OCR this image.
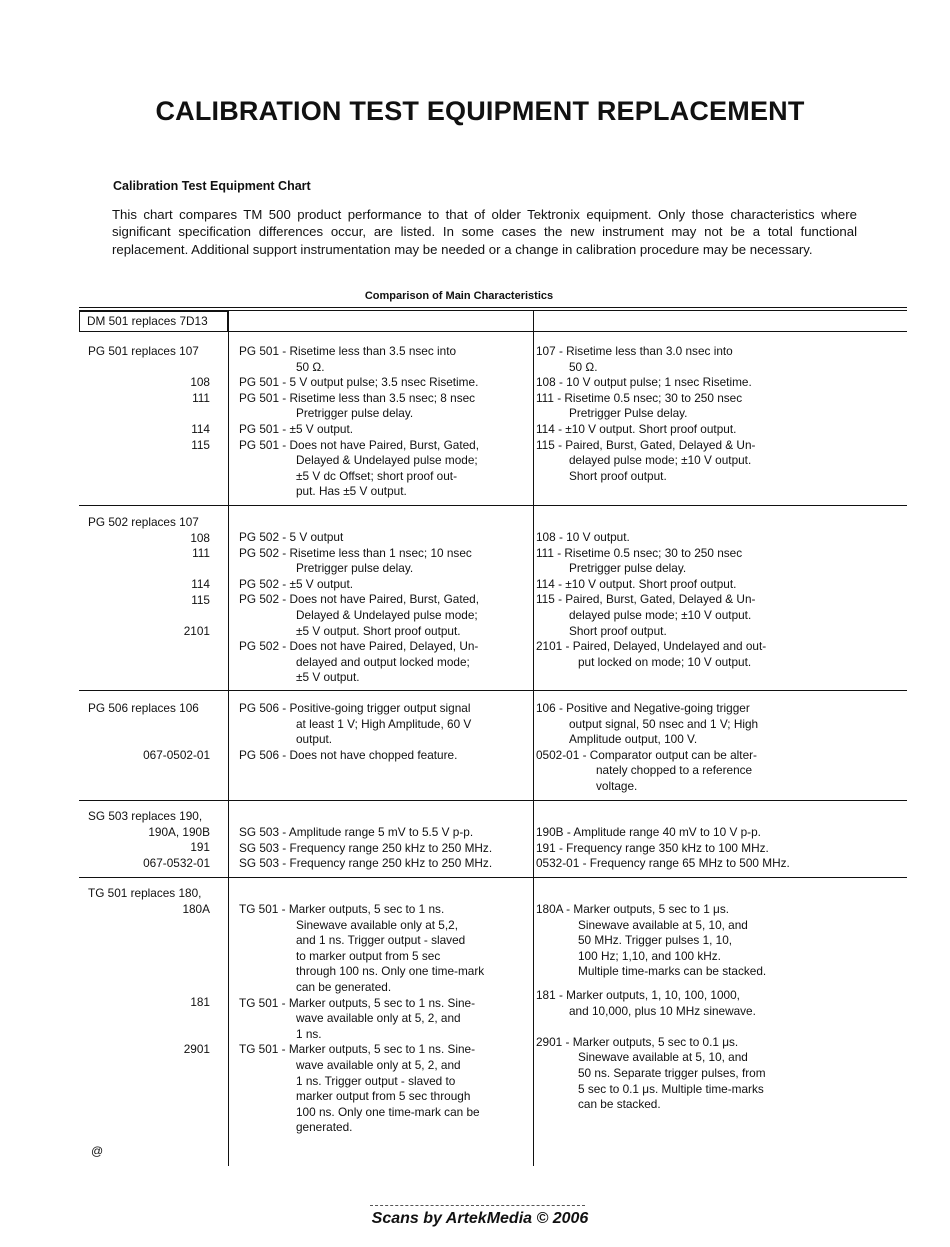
CALIBRATION TEST EQUIPMENT REPLACEMENT
Calibration Test Equipment Chart
This chart compares TM 500 product performance to that of older Tektronix equipment. Only those characteristics where significant specification differences occur, are listed. In some cases the new instrument may not be a total functional replacement. Additional support instrumentation may be needed or a change in calibration procedure may be necessary.
Comparison of Main Characteristics
DM 501 replaces 7D13
PG 501 replaces 107

108
111

114
115
PG 501 - Risetime less than 3.5 nsec into
50 Ω.
PG 501 - 5 V output pulse; 3.5 nsec Risetime.
PG 501 - Risetime less than 3.5 nsec; 8 nsec
Pretrigger pulse delay.
PG 501 - ±5 V output.
PG 501 - Does not have Paired, Burst, Gated,
Delayed & Undelayed pulse mode;
±5 V dc Offset; short proof out-
put. Has ±5 V output.
107 - Risetime less than 3.0 nsec into
50 Ω.
108 - 10 V output pulse; 1 nsec Risetime.
111 - Risetime 0.5 nsec; 30 to 250 nsec
Pretrigger Pulse delay.
114 - ±10 V output. Short proof output.
115 - Paired, Burst, Gated, Delayed & Un-
delayed pulse mode; ±10 V output.
Short proof output.
PG 502 replaces 107
108
111

114
115

2101
PG 502 - 5 V output
PG 502 - Risetime less than 1 nsec; 10 nsec
Pretrigger pulse delay.
PG 502 - ±5 V output.
PG 502 - Does not have Paired, Burst, Gated,
Delayed & Undelayed pulse mode;
±5 V output. Short proof output.
PG 502 - Does not have Paired, Delayed, Un-
delayed and output locked mode;
±5 V output.
108 - 10 V output.
111 - Risetime 0.5 nsec; 30 to 250 nsec
Pretrigger pulse delay.
114 - ±10 V output. Short proof output.
115 - Paired, Burst, Gated, Delayed & Un-
delayed pulse mode; ±10 V output.
Short proof output.
2101 - Paired, Delayed, Undelayed and out-
put locked on mode; 10 V output.
PG 506 replaces 106

067-0502-01
PG 506 - Positive-going trigger output signal
at least 1 V; High Amplitude, 60 V
output.
PG 506 - Does not have chopped feature.
106 - Positive and Negative-going trigger
output signal, 50 nsec and 1 V; High
Amplitude output, 100 V.
0502-01 - Comparator output can be alter-
nately chopped to a reference
voltage.
SG 503 replaces 190,
190A, 190B
191
067-0532-01
SG 503 - Amplitude range 5 mV to 5.5 V p-p.
SG 503 - Frequency range 250 kHz to 250 MHz.
SG 503 - Frequency range 250 kHz to 250 MHz.
190B - Amplitude range 40 mV to 10 V p-p.
191 - Frequency range 350 kHz to 100 MHz.
0532-01 - Frequency range 65 MHz to 500 MHz.
TG 501 replaces 180,
180A
181
2901
TG 501 - Marker outputs, 5 sec to 1 ns.
Sinewave available only at 5,2,
and 1 ns. Trigger output - slaved
to marker output from 5 sec
through 100 ns. Only one time-mark
can be generated.
TG 501 - Marker outputs, 5 sec to 1 ns. Sine-
wave available only at 5, 2, and
1 ns.
TG 501 - Marker outputs, 5 sec to 1 ns. Sine-
wave available only at 5, 2, and
1 ns. Trigger output - slaved to
marker output from 5 sec through
100 ns. Only one time-mark can be
generated.
180A - Marker outputs, 5 sec to 1 μs.
Sinewave available at 5, 10, and
50 MHz. Trigger pulses 1, 10,
100 Hz; 1,10, and 100 kHz.
Multiple time-marks can be stacked.
181 - Marker outputs, 1, 10, 100, 1000,
and 10,000, plus 10 MHz sinewave.
2901 - Marker outputs, 5 sec to 0.1 μs.
Sinewave available at 5, 10, and
50 ns. Separate trigger pulses, from
5 sec to 0.1 μs. Multiple time-marks
can be stacked.
@
Scans by ArtekMedia © 2006
